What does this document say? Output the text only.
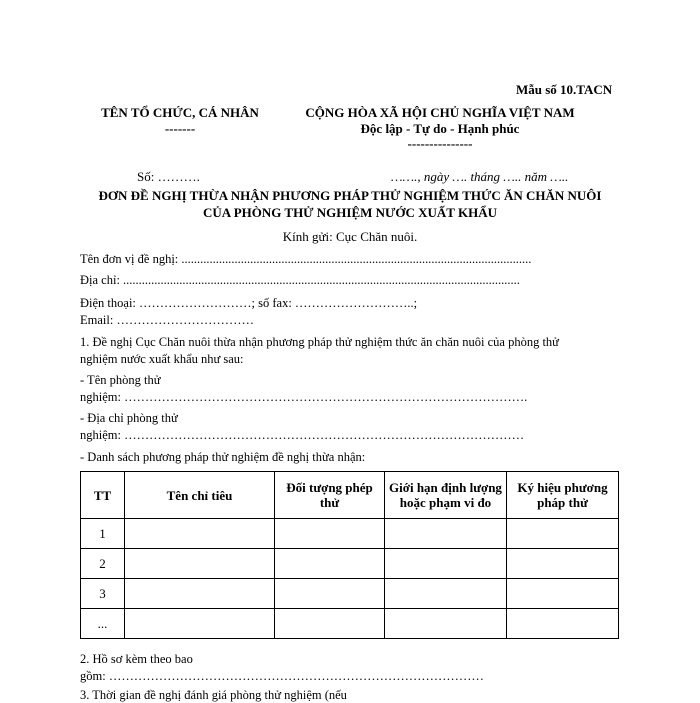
Mẫu số 10.TACN
TÊN TỔ CHỨC, CÁ NHÂN
-------
CỘNG HÒA XÃ HỘI CHỦ NGHĨA VIỆT NAM
Độc lập - Tự do - Hạnh phúc
---------------
Số: ……….	……., ngày …. tháng ….. năm …..
ĐƠN ĐỀ NGHỊ THỪA NHẬN PHƯƠNG PHÁP THỬ NGHIỆM THỨC ĂN CHĂN NUÔI
CỦA PHÒNG THỬ NGHIỆM NƯỚC XUẤT KHẨU
Kính gửi: Cục Chăn nuôi.
Tên đơn vị đề nghị: ................................................................................................................
Địa chỉ: ...............................................................................................................................
Điện thoại: ………………………; số fax: ………………………..;
Email: ……………………………
1. Đề nghị Cục Chăn nuôi thừa nhận phương pháp thử nghiệm thức ăn chăn nuôi của phòng thử
nghiệm nước xuất khẩu như sau:
- Tên phòng thử
nghiệm: …………………………………………………………………………………….
- Địa chỉ phòng thử
nghiệm: ……………………………………………………………………………………
- Danh sách phương pháp thử nghiệm đề nghị thừa nhận:
TT	Tên chỉ tiêu	Đối tượng phép thử	Giới hạn định lượng hoặc phạm vi đo	Ký hiệu phương pháp thử
1				
2				
3				
...				
2. Hồ sơ kèm theo bao
gồm: ………………………………………………………………………………
3. Thời gian đề nghị đánh giá phòng thử nghiệm (nếu
